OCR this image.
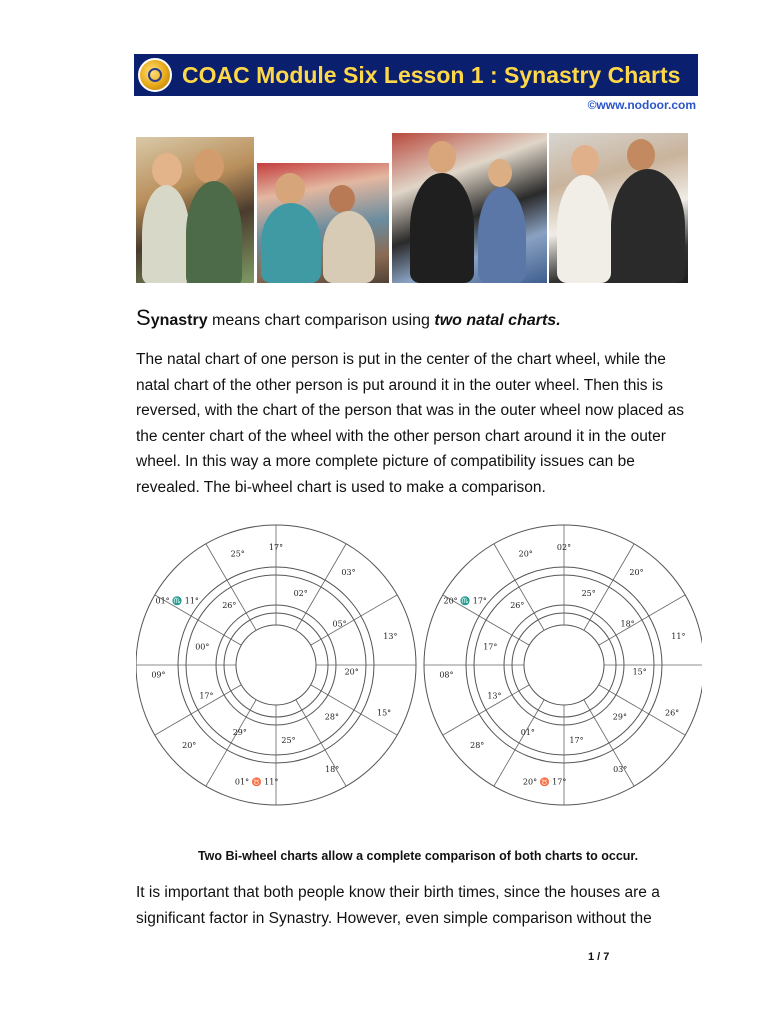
COAC Module Six Lesson 1 : Synastry Charts
©www.nodoor.com
Synastry means chart comparison using two natal charts.
The natal chart of one person is put in the center of the chart wheel, while the natal chart of the other person is put around it in the outer wheel. Then this is reversed, with the chart of the person that was in the outer wheel now placed as the center chart of the wheel with the other person chart around it in the outer wheel. In this way a more complete picture of compatibility issues can be revealed. The bi-wheel chart is used to make a comparison.
17°
02°
03°
05°
13°
20°
15°
28°
18°
25°
01° ♉ 11°
29°
20°
17°
09°
00°
01° ♏ 11°	26°
25°
02°
25°
20°
18°
11°
15°
26°
29°
03°
17°
20° ♉ 17°
01°
28°
13°
08°
17°
20° ♏ 17°	26°
20°
Two Bi-wheel charts allow a complete comparison of both charts to occur.
It is important that both people know their birth times, since the houses are a significant factor in Synastry. However, even simple comparison without the
1 / 7
